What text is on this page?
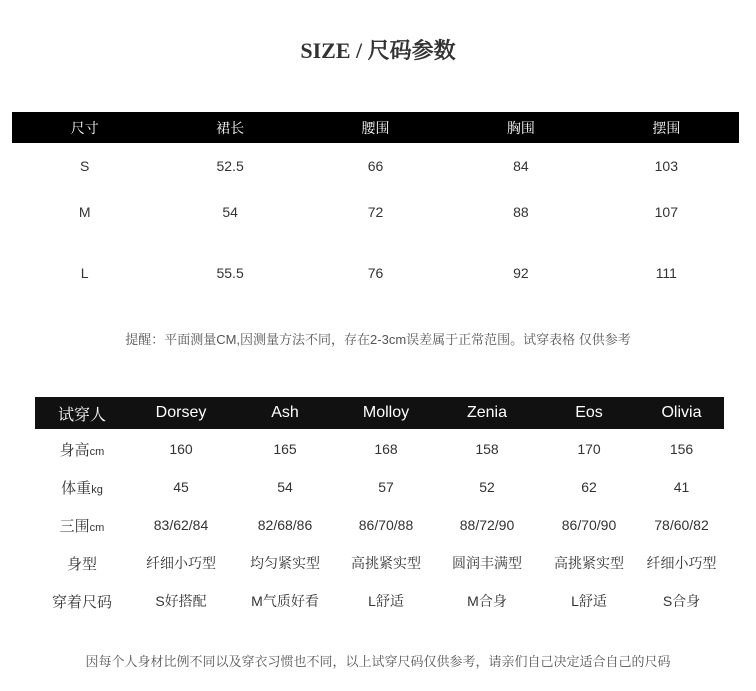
SIZE / 尺码参数
尺寸	裙长	腰围	胸围	摆围
S	52.5	66	84	103
M	54	72	88	107
L	55.5	76	92	111
提醒：平面测量CM,因测量方法不同，存在2-3cm误差属于正常范围。试穿表格 仅供参考
试穿人	Dorsey	Ash	Molloy	Zenia	Eos	Olivia
身高cm	160	165	168	158	170	156
体重kg	45	54	57	52	62	41
三围cm	83/62/84	82/68/86	86/70/88	88/72/90	86/70/90	78/60/82
身型	纤细小巧型	均匀紧实型	高挑紧实型	圆润丰满型	高挑紧实型	纤细小巧型
穿着尺码	S好搭配	M气质好看	L舒适	M合身	L舒适	S合身
因每个人身材比例不同以及穿衣习惯也不同，以上试穿尺码仅供参考，请亲们自己决定适合自己的尺码
